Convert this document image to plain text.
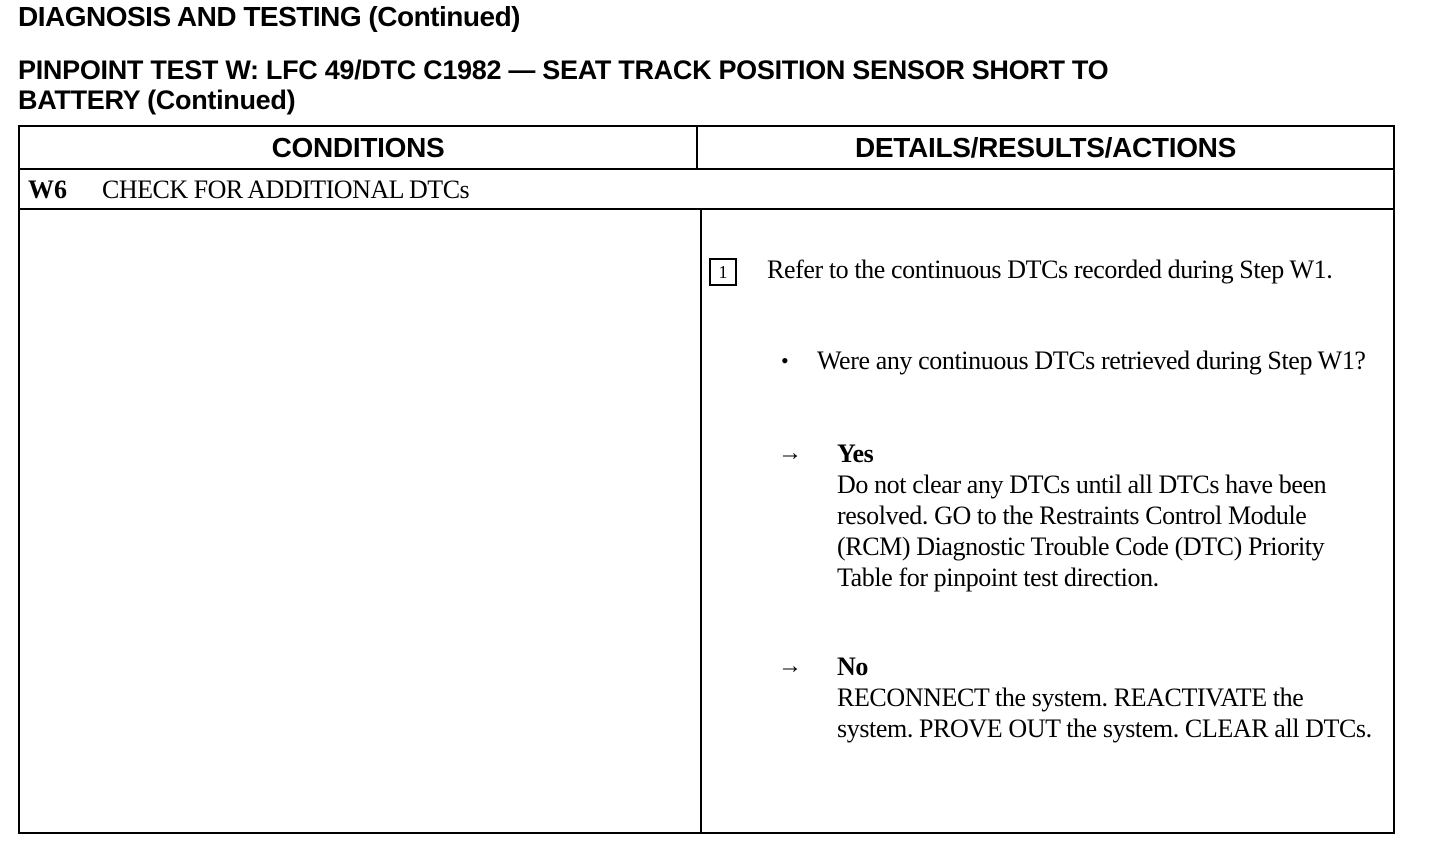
DIAGNOSIS AND TESTING (Continued)
PINPOINT TEST W: LFC 49/DTC C1982 — SEAT TRACK POSITION SENSOR SHORT TO
BATTERY (Continued)
CONDITIONS	DETAILS/RESULTS/ACTIONS
W6 CHECK FOR ADDITIONAL DTCs
1	Refer to the continuous DTCs recorded during Step W1.
• Were any continuous DTCs retrieved during Step W1?
→ Yes
Do not clear any DTCs until all DTCs have been resolved. GO to the Restraints Control Module (RCM) Diagnostic Trouble Code (DTC) Priority Table for pinpoint test direction.
→ No
RECONNECT the system. REACTIVATE the system. PROVE OUT the system. CLEAR all DTCs.
